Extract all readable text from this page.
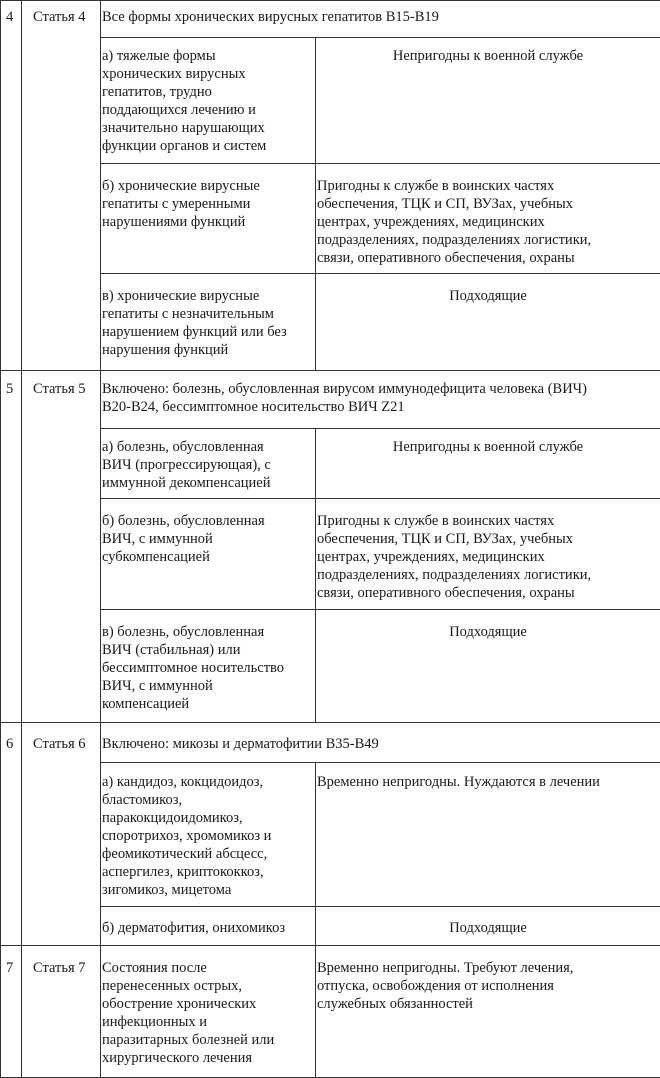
4 Статья 4 Все формы хронических вирусных гепатитов B15-B19
а) тяжелые формы
хронических вирусных
гепатитов, трудно
поддающихся лечению и
значительно нарушающих
функции органов и систем
Непригодны к военной службе
б) хронические вирусные
гепатиты с умеренными
нарушениями функций
Пригодны к службе в воинских частях
обеспечения, ТЦК и СП, ВУЗах, учебных
центрах, учреждениях, медицинских
подразделениях, подразделениях логистики,
связи, оперативного обеспечения, охраны
в) хронические вирусные
гепатиты с незначительным
нарушением функций или без
нарушения функций
Подходящие
5 Статья 5 Включено: болезнь, обусловленная вирусом иммунодефицита человека (ВИЧ)
B20-B24, бессимптомное носительство ВИЧ Z21
а) болезнь, обусловленная
ВИЧ (прогрессирующая), с
иммунной декомпенсацией
Непригодны к военной службе
б) болезнь, обусловленная
ВИЧ, с иммунной
субкомпенсацией
Пригодны к службе в воинских частях
обеспечения, ТЦК и СП, ВУЗах, учебных
центрах, учреждениях, медицинских
подразделениях, подразделениях логистики,
связи, оперативного обеспечения, охраны
в) болезнь, обусловленная
ВИЧ (стабильная) или
бессимптомное носительство
ВИЧ, с иммунной
компенсацией
Подходящие
6 Статья 6 Включено: микозы и дерматофитии B35-B49
а) кандидоз, кокцидоидоз,
бластомикоз,
паракокцидоидомикоз,
споротрихоз, хромомикоз и
феомикотический абсцесс,
аспергилез, криптококкоз,
зигомикоз, мицетома
Временно непригодны. Нуждаются в лечении
б) дерматофития, онихомикоз	Подходящие
7 Статья 7 Состояния после
перенесенных острых,
обострение хронических
инфекционных и
паразитарных болезней или
хирургического лечения
Временно непригодны. Требуют лечения,
отпуска, освобождения от исполнения
служебных обязанностей
